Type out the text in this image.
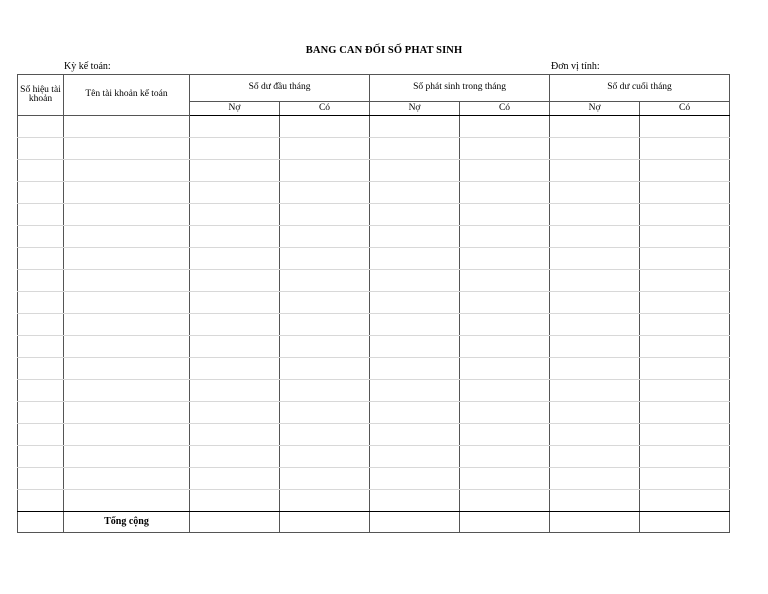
BANG CAN ĐỐI SỐ PHAT SINH
Kỳ kế toán:	Đơn vị tính:
Số hiệu tài khoản	Tên tài khoản kế toán	Số dư đầu tháng		Số phát sinh trong tháng		Số dư cuối tháng	
		Nợ	Có	Nợ	Có	Nợ	Có

	Tổng cộng						
